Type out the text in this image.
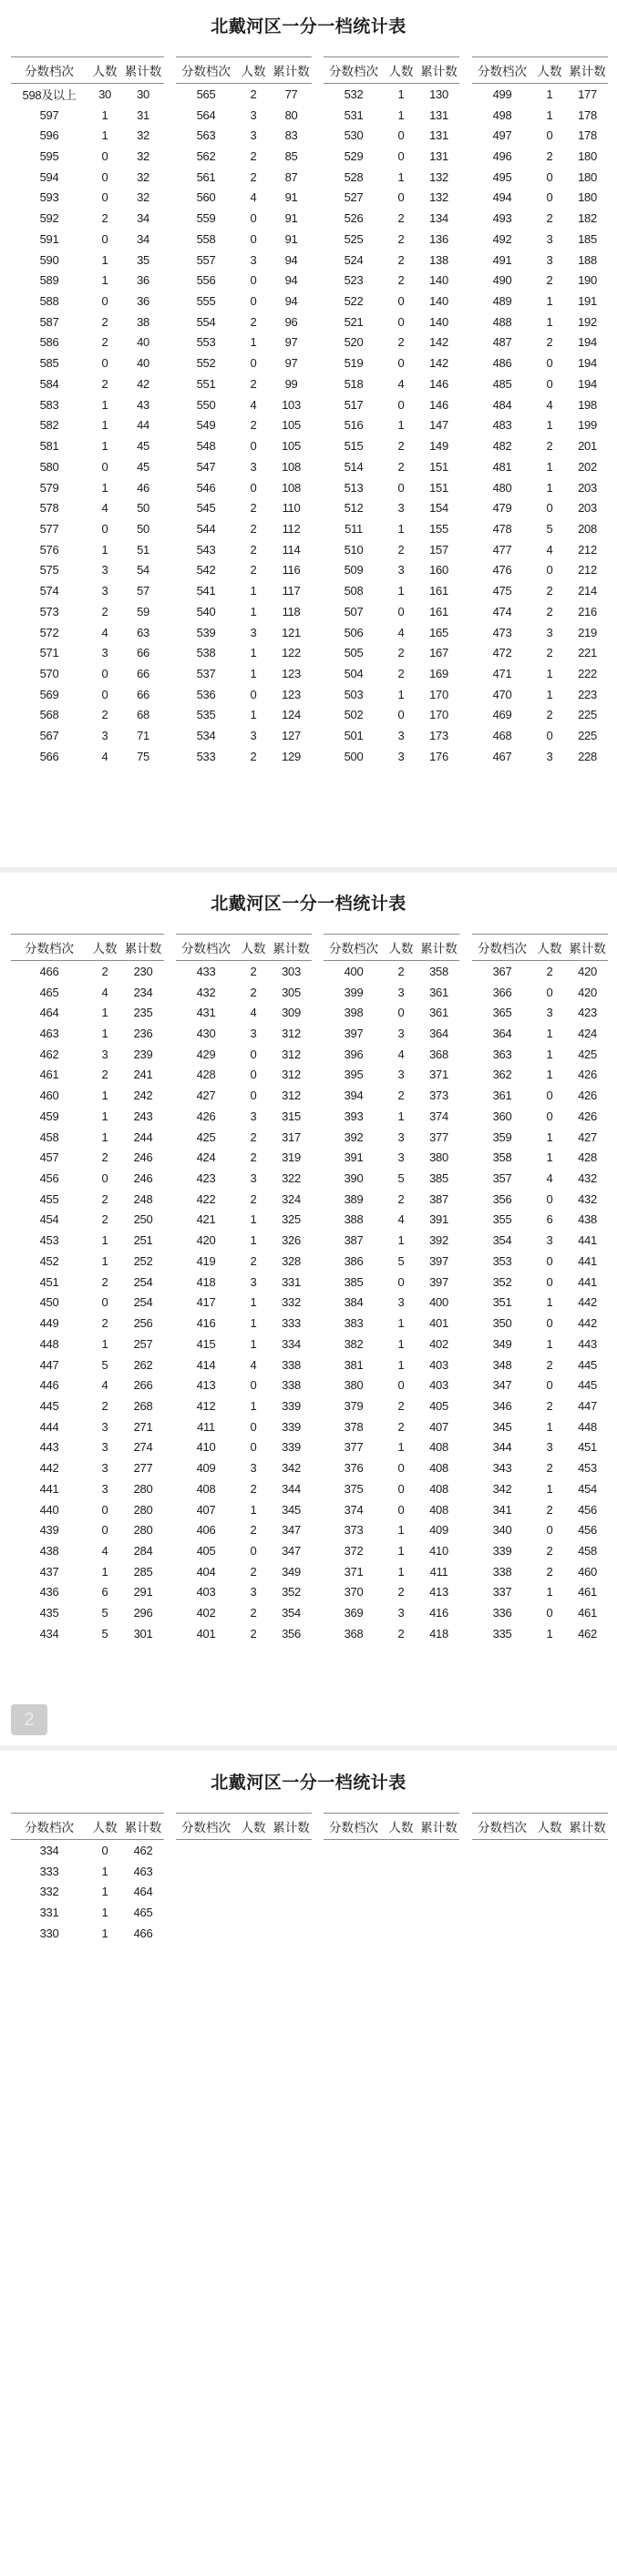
北戴河区一分一档统计表
分数档次	人数 累计数
598及以上	30	30
597	1	31
596	1	32
595	0	32
594	0	32
593	0	32
592	2	34
591	0	34
590	1	35
589	1	36
588	0	36
587	2	38
586	2	40
585	0	40
584	2	42
583	1	43
582	1	44
581	1	45
580	0	45
579	1	46
578	4	50
577	0	50
576	1	51
575	3	54
574	3	57
573	2	59
572	4	63
571	3	66
570	0	66
569	0	66
568	2	68
567	3	71
566	4	75
分数档次 人数 累计数
565	2	77
564	3	80
563	3	83
562	2	85
561	2	87
560	4	91
559	0	91
558	0	91
557	3	94
556	0	94
555	0	94
554	2	96
553	1	97
552	0	97
551	2	99
550	4	103
549	2	105
548	0	105
547	3	108
546	0	108
545	2	110
544	2	112
543	2	114
542	2	116
541	1	117
540	1	118
539	3	121
538	1	122
537	1	123
536	0	123
535	1	124
534	3	127
533	2	129
分数档次 人数 累计数
532	1	130
531	1	131
530	0	131
529	0	131
528	1	132
527	0	132
526	2	134
525	2	136
524	2	138
523	2	140
522	0	140
521	0	140
520	2	142
519	0	142
518	4	146
517	0	146
516	1	147
515	2	149
514	2	151
513	0	151
512	3	154
511	1	155
510	2	157
509	3	160
508	1	161
507	0	161
506	4	165
505	2	167
504	2	169
503	1	170
502	0	170
501	3	173
500	3	176
分数档次 人数 累计数
499	1	177
498	1	178
497	0	178
496	2	180
495	0	180
494	0	180
493	2	182
492	3	185
491	3	188
490	2	190
489	1	191
488	1	192
487	2	194
486	0	194
485	0	194
484	4	198
483	1	199
482	2	201
481	1	202
480	1	203
479	0	203
478	5	208
477	4	212
476	0	212
475	2	214
474	2	216
473	3	219
472	2	221
471	1	222
470	1	223
469	2	225
468	0	225
467	3	228
北戴河区一分一档统计表
分数档次	人数 累计数
466	2	230
465	4	234
464	1	235
463	1	236
462	3	239
461	2	241
460	1	242
459	1	243
458	1	244
457	2	246
456	0	246
455	2	248
454	2	250
453	1	251
452	1	252
451	2	254
450	0	254
449	2	256
448	1	257
447	5	262
446	4	266
445	2	268
444	3	271
443	3	274
442	3	277
441	3	280
440	0	280
439	0	280
438	4	284
437	1	285
436	6	291
435	5	296
434	5	301
分数档次 人数 累计数
433	2	303
432	2	305
431	4	309
430	3	312
429	0	312
428	0	312
427	0	312
426	3	315
425	2	317
424	2	319
423	3	322
422	2	324
421	1	325
420	1	326
419	2	328
418	3	331
417	1	332
416	1	333
415	1	334
414	4	338
413	0	338
412	1	339
411	0	339
410	0	339
409	3	342
408	2	344
407	1	345
406	2	347
405	0	347
404	2	349
403	3	352
402	2	354
401	2	356
分数档次 人数 累计数
400	2	358
399	3	361
398	0	361
397	3	364
396	4	368
395	3	371
394	2	373
393	1	374
392	3	377
391	3	380
390	5	385
389	2	387
388	4	391
387	1	392
386	5	397
385	0	397
384	3	400
383	1	401
382	1	402
381	1	403
380	0	403
379	2	405
378	2	407
377	1	408
376	0	408
375	0	408
374	0	408
373	1	409
372	1	410
371	1	411
370	2	413
369	3	416
368	2	418
分数档次 人数 累计数
367	2	420
366	0	420
365	3	423
364	1	424
363	1	425
362	1	426
361	0	426
360	0	426
359	1	427
358	1	428
357	4	432
356	0	432
355	6	438
354	3	441
353	0	441
352	0	441
351	1	442
350	0	442
349	1	443
348	2	445
347	0	445
346	2	447
345	1	448
344	3	451
343	2	453
342	1	454
341	2	456
340	0	456
339	2	458
338	2	460
337	1	461
336	0	461
335	1	462
2
北戴河区一分一档统计表
分数档次	人数 累计数
334	0	462
333	1	463
332	1	464
331	1	465
330	1	466
分数档次 人数 累计数	分数档次 人数 累计数	分数档次 人数 累计数
